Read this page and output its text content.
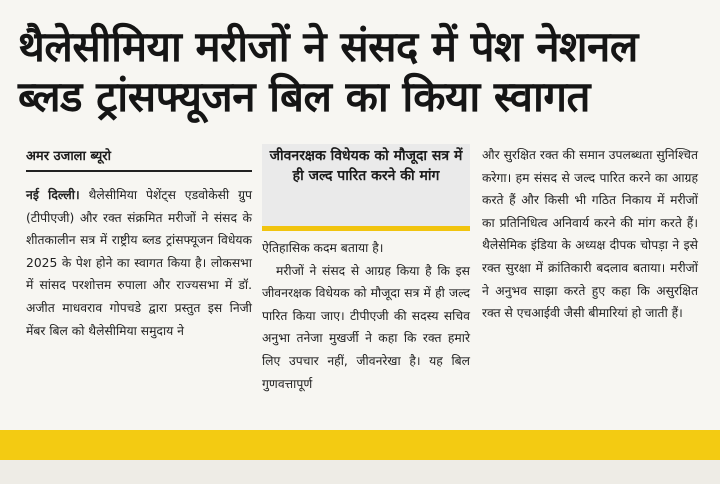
थैलेसीमिया मरीजों ने संसद में पेश नेशनल
ब्लड ट्रांसफ्यूजन बिल का किया स्वागत
अमर उजाला ब्यूरो

नई दिल्ली। थैलेसीमिया पेशेंट्स एडवोकेसी ग्रुप (टीपीएजी) और रक्त संक्रमित मरीजों ने संसद के शीतकालीन सत्र में राष्ट्रीय ब्लड ट्रांसफ्यूजन विधेयक 2025 के पेश होने का स्वागत किया है। लोकसभा में सांसद परशोत्तम रुपाला और राज्यसभा में डॉ. अजीत माधवराव गोपचडे द्वारा प्रस्तुत इस निजी मेंबर बिल को थैलेसीमिया समुदाय ने

जीवनरक्षक विधेयक को मौजूदा सत्र में ही जल्द पारित करने की मांग

ऐतिहासिक कदम बताया है।

मरीजों ने संसद से आग्रह किया है कि इस जीवनरक्षक विधेयक को मौजूदा सत्र में ही जल्द पारित किया जाए। टीपीएजी की सदस्य सचिव अनुभा तनेजा मुखर्जी ने कहा कि रक्त हमारे लिए उपचार नहीं, जीवनरेखा है। यह बिल गुणवत्तापूर्ण

और सुरक्षित रक्त की समान उपलब्धता सुनिश्चित करेगा। हम संसद से जल्द पारित करने का आग्रह करते हैं और किसी भी गठित निकाय में मरीजों का प्रतिनिधित्व अनिवार्य करने की मांग करते हैं। थैलेसेमिक इंडिया के अध्यक्ष दीपक चोपड़ा ने इसे रक्त सुरक्षा में क्रांतिकारी बदलाव बताया। मरीजों ने अनुभव साझा करते हुए कहा कि असुरक्षित रक्त से एचआईवी जैसी बीमारियां हो जाती हैं।
